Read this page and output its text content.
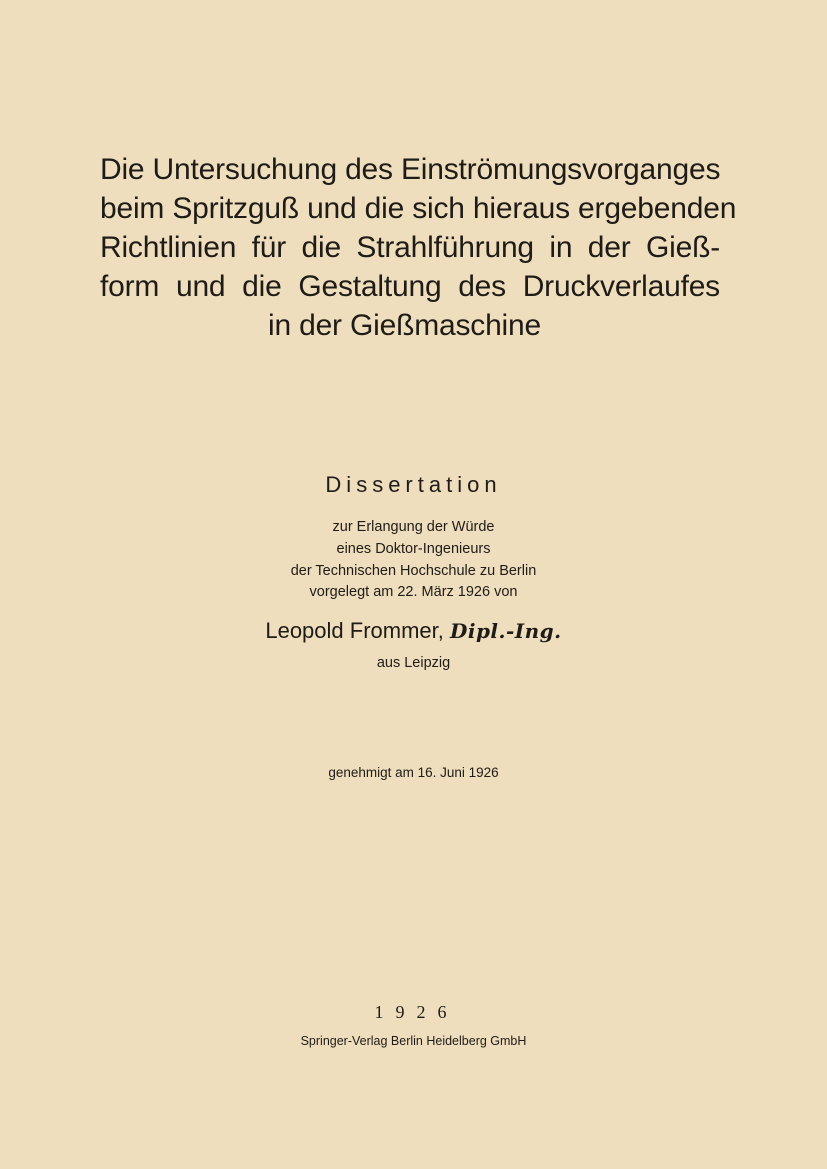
Die Untersuchung des Einströmungsvorganges
beim Spritzguß und die sich hieraus ergebenden
Richtlinien für die Strahlführung in der Gieß-
form und die Gestaltung des Druckverlaufes
in der Gießmaschine
Dissertation
zur Erlangung der Würde
eines Doktor-Ingenieurs
der Technischen Hochschule zu Berlin
vorgelegt am 22. März 1926 von
Leopold Frommer, Dipl.-Ing.
aus Leipzig
genehmigt am 16. Juni 1926
1926
Springer-Verlag Berlin Heidelberg GmbH
